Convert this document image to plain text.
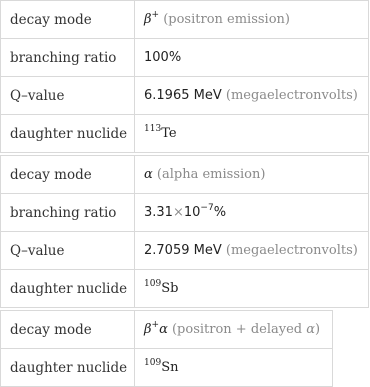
decay mode	β+ (positron emission)
branching ratio	100%
Q–value	6.1965 MeV (megaelectronvolts)
daughter nuclide	$^{113}$Te
decay mode	α (alpha emission)
branching ratio	$3.31\times 10^{-7}\%$
Q–value	2.7059 MeV (megaelectronvolts)
daughter nuclide	$^{109}$Sb
decay mode	β+α (positron + delayed α)
daughter nuclide	$^{109}$Sn
